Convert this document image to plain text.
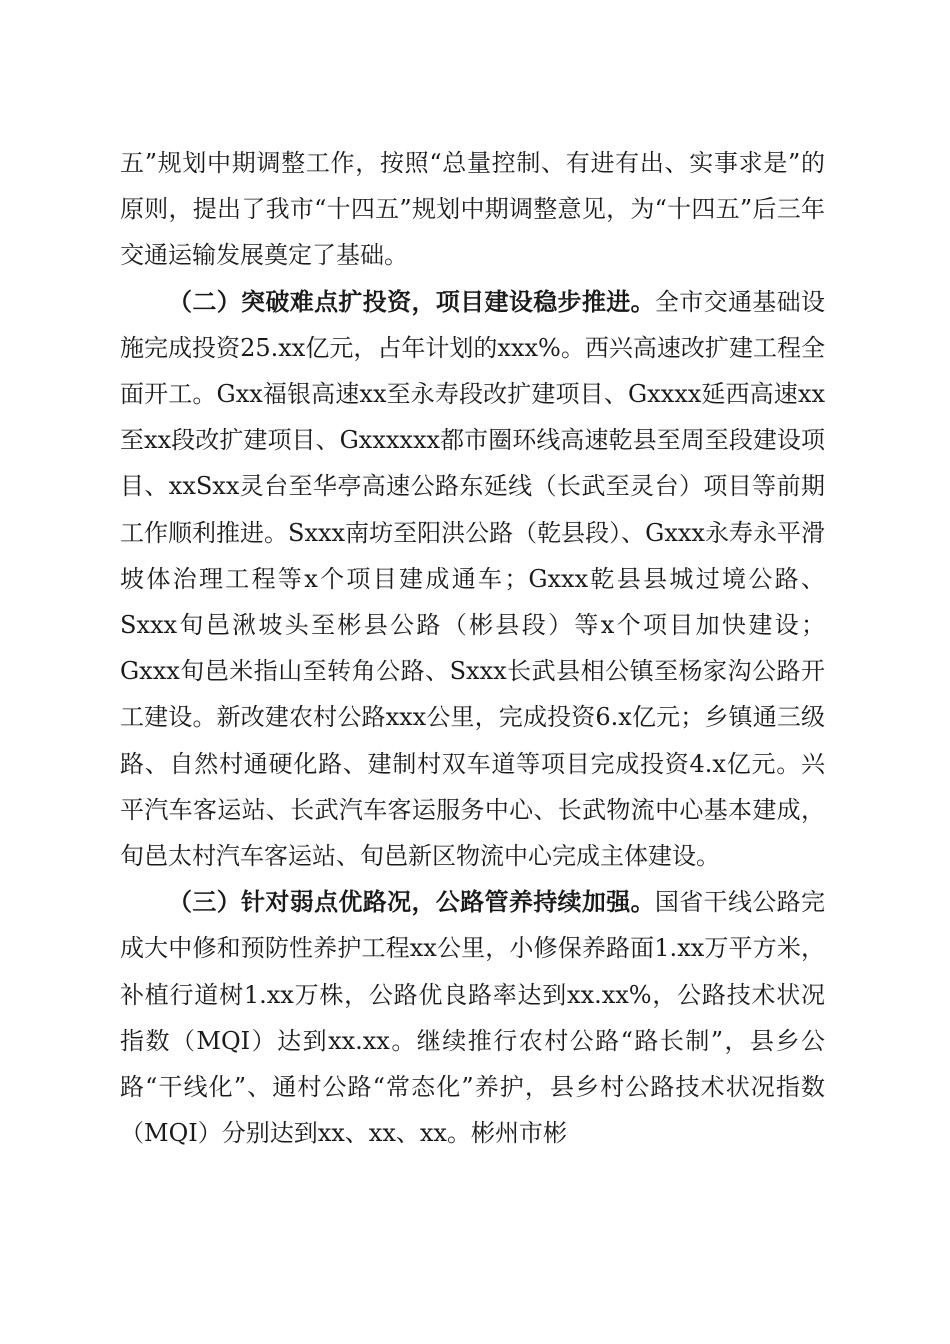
五”规划中期调整工作，按照“总量控制、有进有出、实事求是”的原则，提出了我市“十四五”规划中期调整意见，为“十四五”后三年交通运输发展奠定了基础。

（二）突破难点扩投资，项目建设稳步推进。全市交通基础设施完成投资25.xx亿元，占年计划的xxx%。西兴高速改扩建工程全面开工。Gxx福银高速xx至永寿段改扩建项目、Gxxxx延西高速xx至xx段改扩建项目、Gxxxxxx都市圈环线高速乾县至周至段建设项目、xxSxx灵台至华亭高速公路东延线（长武至灵台）项目等前期工作顺利推进。Sxxx南坊至阳洪公路（乾县段）、Gxxx永寿永平滑坡体治理工程等x个项目建成通车；Gxxx乾县县城过境公路、Sxxx旬邑湫坡头至彬县公路（彬县段）等x个项目加快建设；Gxxx旬邑米指山至转角公路、Sxxx长武县相公镇至杨家沟公路开工建设。新改建农村公路xxx公里，完成投资6.x亿元；乡镇通三级路、自然村通硬化路、建制村双车道等项目完成投资4.x亿元。兴平汽车客运站、长武汽车客运服务中心、长武物流中心基本建成，旬邑太村汽车客运站、旬邑新区物流中心完成主体建设。

（三）针对弱点优路况，公路管养持续加强。国省干线公路完成大中修和预防性养护工程xx公里，小修保养路面1.xx万平方米，补植行道树1.xx万株，公路优良路率达到xx.xx%，公路技术状况指数（MQI）达到xx.xx。继续推行农村公路“路长制”，县乡公路“干线化”、通村公路“常态化”养护，县乡村公路技术状况指数（MQI）分别达到xx、xx、xx。彬州市彬
